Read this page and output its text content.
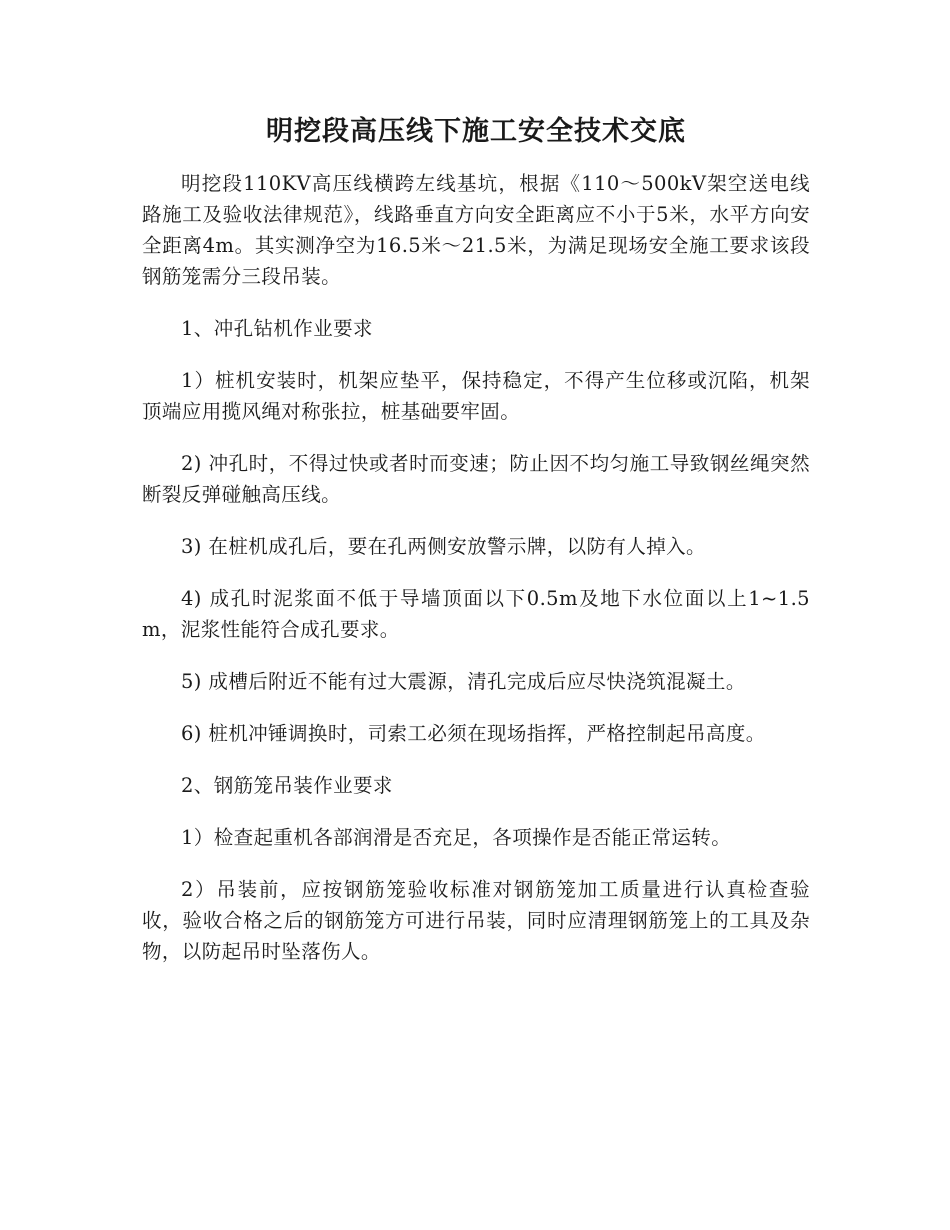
明挖段高压线下施工安全技术交底

明挖段110KV高压线横跨左线基坑，根据《110～500kV架空送电线路施工及验收法律规范》，线路垂直方向安全距离应不小于5米，水平方向安全距离4m。其实测净空为16.5米～21.5米，为满足现场安全施工要求该段钢筋笼需分三段吊装。

1、冲孔钻机作业要求

1）桩机安装时，机架应垫平，保持稳定，不得产生位移或沉陷，机架顶端应用揽风绳对称张拉，桩基础要牢固。

2) 冲孔时，不得过快或者时而变速；防止因不均匀施工导致钢丝绳突然断裂反弹碰触高压线。

3) 在桩机成孔后，要在孔两侧安放警示牌，以防有人掉入。

4) 成孔时泥浆面不低于导墙顶面以下0.5m及地下水位面以上1~1.5m，泥浆性能符合成孔要求。

5) 成槽后附近不能有过大震源，清孔完成后应尽快浇筑混凝土。

6) 桩机冲锤调换时，司索工必须在现场指挥，严格控制起吊高度。

2、钢筋笼吊装作业要求

1）检查起重机各部润滑是否充足，各项操作是否能正常运转。

2）吊装前，应按钢筋笼验收标准对钢筋笼加工质量进行认真检查验收，验收合格之后的钢筋笼方可进行吊装，同时应清理钢筋笼上的工具及杂物，以防起吊时坠落伤人。
